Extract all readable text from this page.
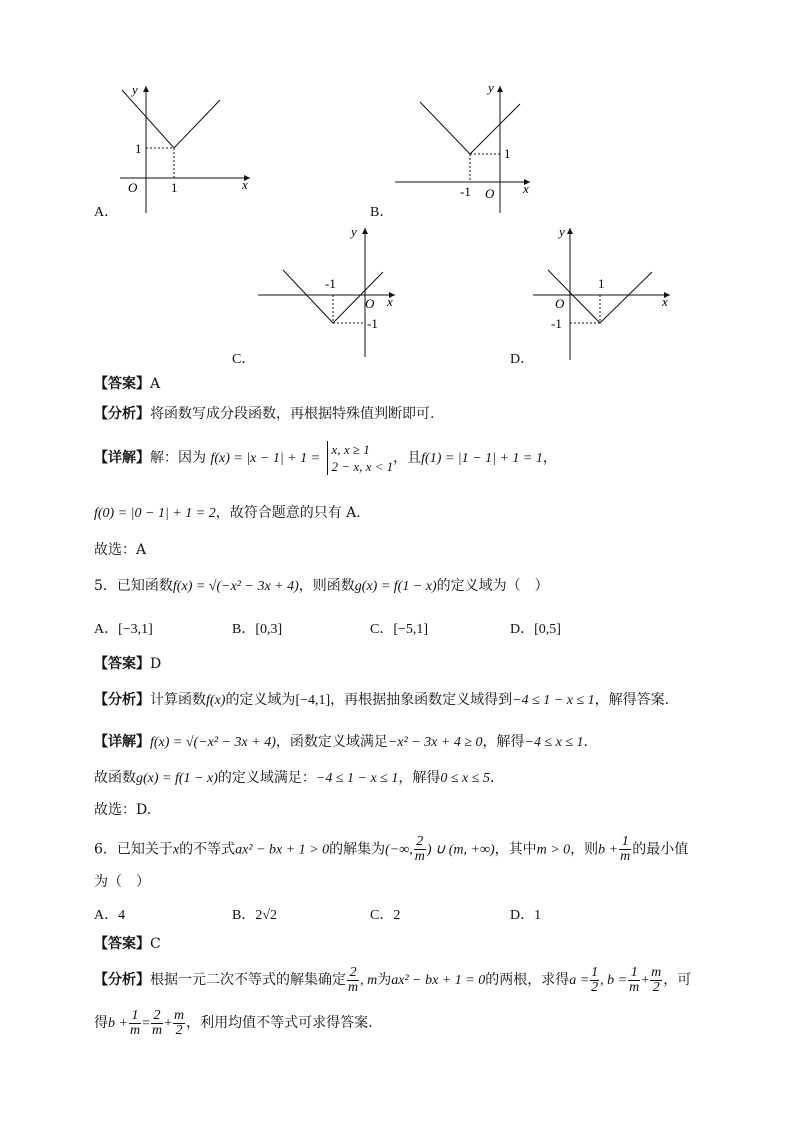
y
x
O
1
1
A．
y
x
O
1
-1
B．
y
x
O
-1
-1
C．
y
x
O
1
-1
D．
【答案】A
【分析】将函数写成分段函数，再根据特殊值判断即可.
【详解】解：因为 f(x) = |x − 1| + 1 =
x, x ≥ 1
2 − x, x < 1
，且f(1) = |1 − 1| + 1 = 1，
f(0) = |0 − 1| + 1 = 2，故符合题意的只有 A.
故选：A
5．已知函数f(x) = √(−x² − 3x + 4)，则函数g(x) = f(1 − x)的定义域为（　）
A．[−3,1]	B．[0,3]	C．[−5,1]	D．[0,5]
【答案】D
【分析】计算函数f(x)的定义域为[−4,1]，再根据抽象函数定义域得到−4 ≤ 1 − x ≤ 1，解得答案.
【详解】f(x) = √(−x² − 3x + 4)，函数定义域满足−x² − 3x + 4 ≥ 0，解得−4 ≤ x ≤ 1.
故函数g(x) = f(1 − x)的定义域满足：−4 ≤ 1 − x ≤ 1，解得0 ≤ x ≤ 5.
故选：D.
6．已知关于x的不等式ax² − bx + 1 > 0的解集为(−∞, $\frac{2}{m}$ ) ∪ (m, +∞)，其中m > 0，则$b + \frac{1}{m}$ 的最小值
为（　）
A．4	B．2√2	C．2	D．1
【答案】C
【分析】根据一元二次不等式的解集确定 $\frac{2}{m}$ , m为ax² − bx + 1 = 0的两根，求得$a = \frac{1}{2}$ , $b = \frac{1}{m} + \frac{m}{2}$ ，可
得$b + \frac{1}{m} = \frac{2}{m} + \frac{m}{2}$ ，利用均值不等式可求得答案.
